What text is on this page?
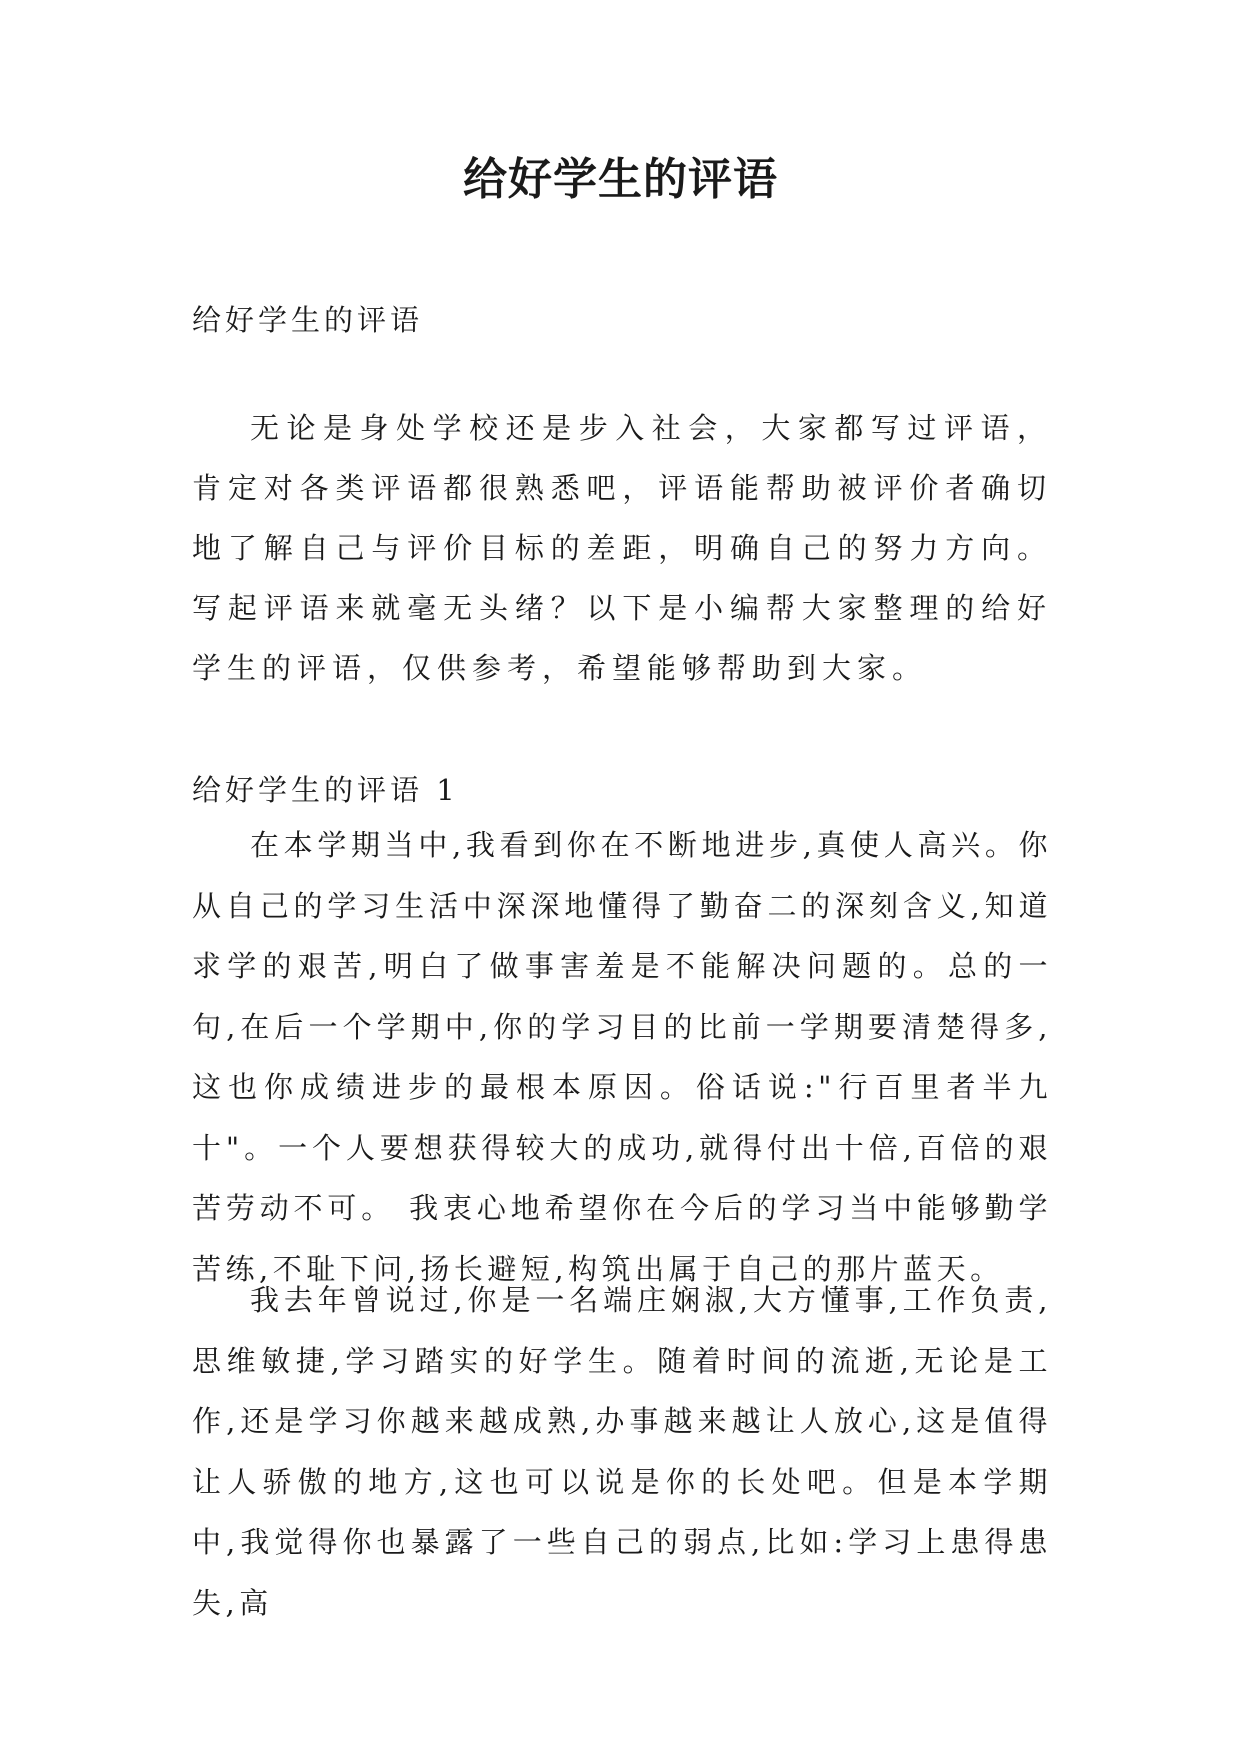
给好学生的评语

给好学生的评语

无论是身处学校还是步入社会，大家都写过评语，肯定对各类评语都很熟悉吧，评语能帮助被评价者确切地了解自己与评价目标的差距，明确自己的努力方向。写起评语来就毫无头绪？以下是小编帮大家整理的给好学生的评语，仅供参考，希望能够帮助到大家。

给好学生的评语 1

在本学期当中,我看到你在不断地进步,真使人高兴。你从自己的学习生活中深深地懂得了勤奋二的深刻含义,知道求学的艰苦,明白了做事害羞是不能解决问题的。总的一句,在后一个学期中,你的学习目的比前一学期要清楚得多,这也你成绩进步的最根本原因。俗话说:"行百里者半九十"。一个人要想获得较大的成功,就得付出十倍,百倍的艰苦劳动不可。 我衷心地希望你在今后的学习当中能够勤学苦练,不耻下问,扬长避短,构筑出属于自己的那片蓝天。

我去年曾说过,你是一名端庄娴淑,大方懂事,工作负责,思维敏捷,学习踏实的好学生。随着时间的流逝,无论是工作,还是学习你越来越成熟,办事越来越让人放心,这是值得让人骄傲的地方,这也可以说是你的长处吧。但是本学期中,我觉得你也暴露了一些自己的弱点,比如:学习上患得患失,高
